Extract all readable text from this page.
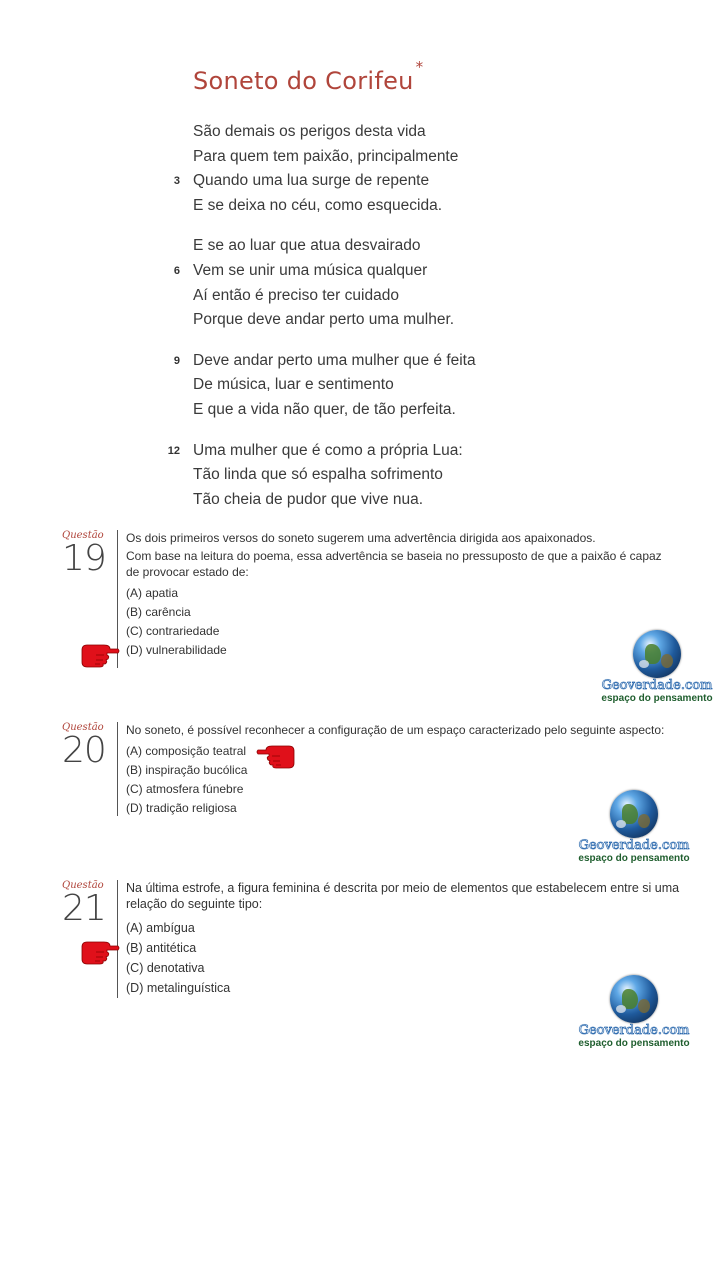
Soneto do Corifeu *
São demais os perigos desta vida
Para quem tem paixão, principalmente
3 Quando uma lua surge de repente
E se deixa no céu, como esquecida.
E se ao luar que atua desvairado
6 Vem se unir uma música qualquer
Aí então é preciso ter cuidado
Porque deve andar perto uma mulher.
9 Deve andar perto uma mulher que é feita
De música, luar e sentimento
E que a vida não quer, de tão perfeita.
12 Uma mulher que é como a própria Lua:
Tão linda que só espalha sofrimento
Tão cheia de pudor que vive nua.
Questão
19	Os dois primeiros versos do soneto sugerem uma advertência dirigida aos apaixonados.

Com base na leitura do poema, essa advertência se baseia no pressuposto de que a paixão é capaz de provocar estado de:

(A) apatia
(B) carência
(C) contrariedade
(D) vulnerabilidade
Geoverdade.com
espaço do pensamento
Questão
20	No soneto, é possível reconhecer a configuração de um espaço caracterizado pelo seguinte aspecto:

(A) composição teatral
(B) inspiração bucólica
(C) atmosfera fúnebre
(D) tradição religiosa
Geoverdade.com
espaço do pensamento
Questão
21	Na última estrofe, a figura feminina é descrita por meio de elementos que estabelecem entre si uma relação do seguinte tipo:

(A) ambígua
(B) antitética
(C) denotativa
(D) metalinguística
Geoverdade.com
espaço do pensamento
